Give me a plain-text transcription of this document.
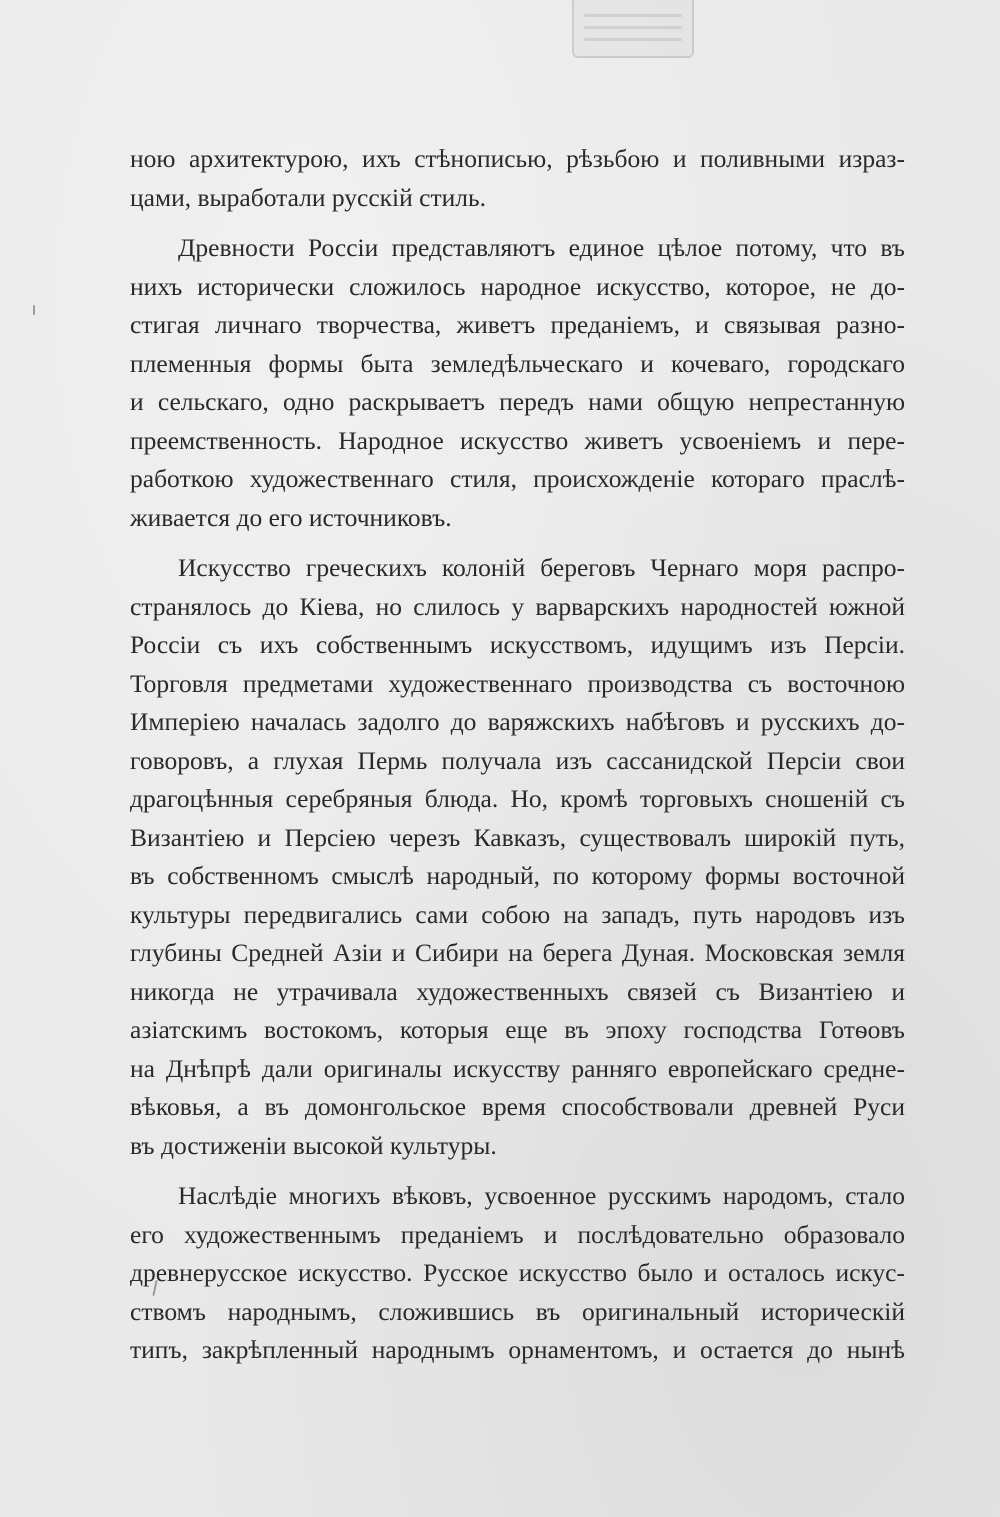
ною архитектурою, ихъ стѣнописью, рѣзьбою и поливными израз-
цами, выработали русскій стиль.
Древности Россіи представляютъ единое цѣлое потому, что въ
нихъ исторически сложилось народное искусство, которое, не до-
стигая личнаго творчества, живетъ преданіемъ, и связывая разно-
племенныя формы быта земледѣльческаго и кочеваго, городскаго
и сельскаго, одно раскрываетъ передъ нами общую непрестанную
преемственность. Народное искусство живетъ усвоеніемъ и пере-
работкою художественнаго стиля, происхожденіе котораго праслѣ-
живается до его источниковъ.
Искусство греческихъ колоній береговъ Чернаго моря распро-
странялось до Кіева, но слилось у варварскихъ народностей южной
Россіи съ ихъ собственнымъ искусствомъ, идущимъ изъ Персіи.
Торговля предметами художественнаго производства съ восточною
Имперіею началась задолго до варяжскихъ набѣговъ и русскихъ до-
говоровъ, а глухая Пермь получала изъ сассанидской Персіи свои
драгоцѣнныя серебряныя блюда. Но, кромѣ торговыхъ сношеній съ
Византіею и Персіею черезъ Кавказъ, существовалъ широкій путь,
въ собственномъ смыслѣ народный, по которому формы восточной
культуры передвигались сами собою на западъ, путь народовъ изъ
глубины Средней Азіи и Сибири на берега Дуная. Московская земля
никогда не утрачивала художественныхъ связей съ Византіею и
азіатскимъ востокомъ, которыя еще въ эпоху господства Готѳовъ
на Днѣпрѣ дали оригиналы искусству ранняго европейскаго средне-
вѣковья, а въ домонгольское время способствовали древней Руси
въ достиженіи высокой культуры.
Наслѣдіе многихъ вѣковъ, усвоенное русскимъ народомъ, стало
его художественнымъ преданіемъ и послѣдовательно образовало
древнерусское искусство. Русское искусство было и осталось искус-
ствомъ народнымъ, сложившись въ оригинальный историческій
типъ, закрѣпленный народнымъ орнаментомъ, и остается до нынѣ
